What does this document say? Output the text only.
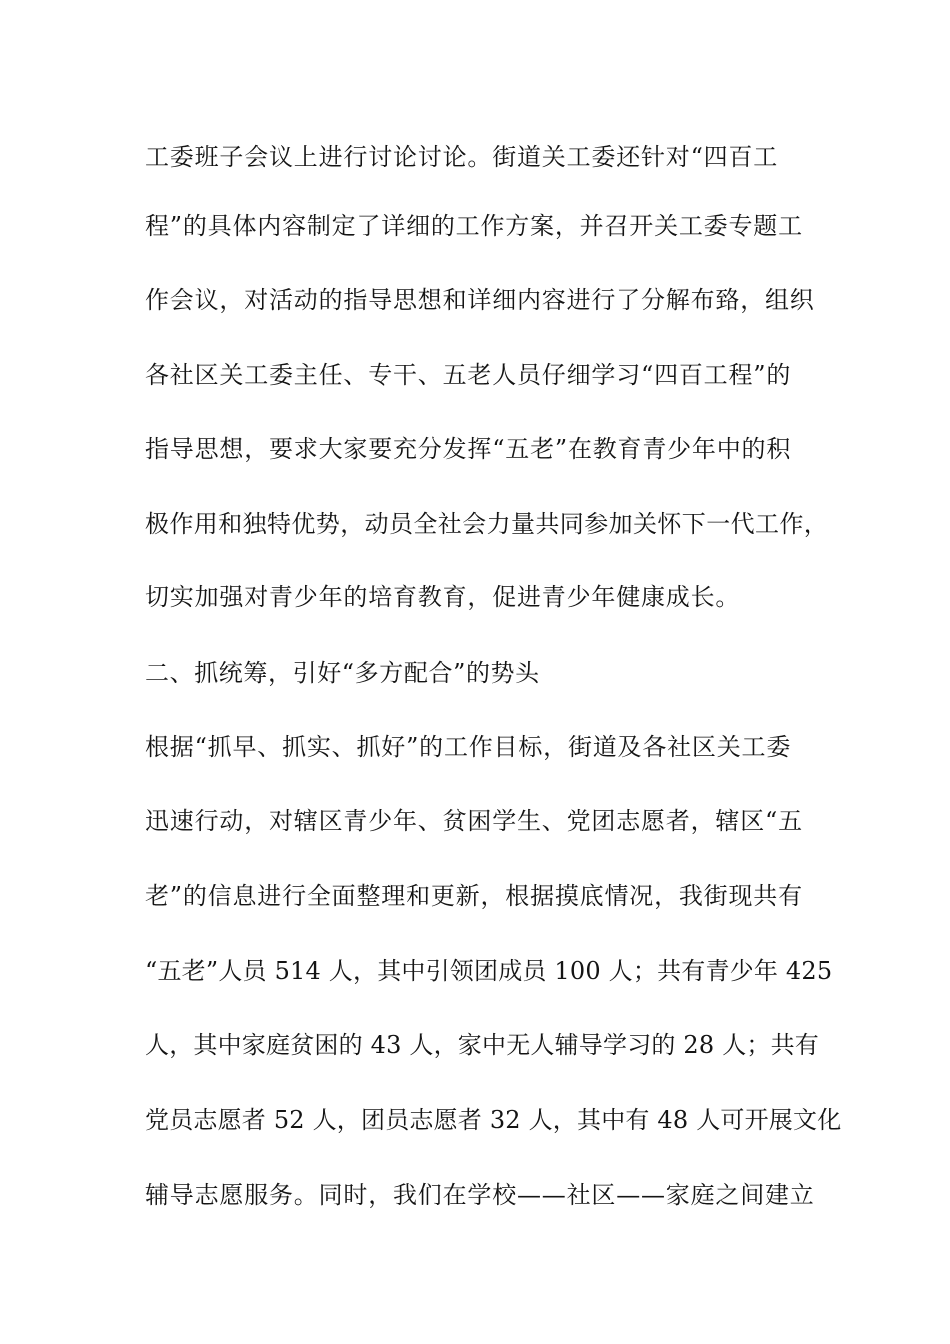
工委班子会议上进行讨论讨论。街道关工委还针对“四百工
程”的具体内容制定了详细的工作方案，并召开关工委专题工
作会议，对活动的指导思想和详细内容进行了分解布臵，组织
各社区关工委主任、专干、五老人员仔细学习“四百工程”的
指导思想，要求大家要充分发挥“五老”在教育青少年中的积
极作用和独特优势，动员全社会力量共同参加关怀下一代工作，
切实加强对青少年的培育教育，促进青少年健康成长。
二、抓统筹，引好“多方配合”的势头
根据“抓早、抓实、抓好”的工作目标，街道及各社区关工委
迅速行动，对辖区青少年、贫困学生、党团志愿者，辖区“五
老”的信息进行全面整理和更新，根据摸底情况，我街现共有
“五老”人员 514 人，其中引领团成员 100 人；共有青少年 425
人，其中家庭贫困的 43 人，家中无人辅导学习的 28 人；共有
党员志愿者 52 人，团员志愿者 32 人，其中有 48 人可开展文化
辅导志愿服务。同时，我们在学校——社区——家庭之间建立
